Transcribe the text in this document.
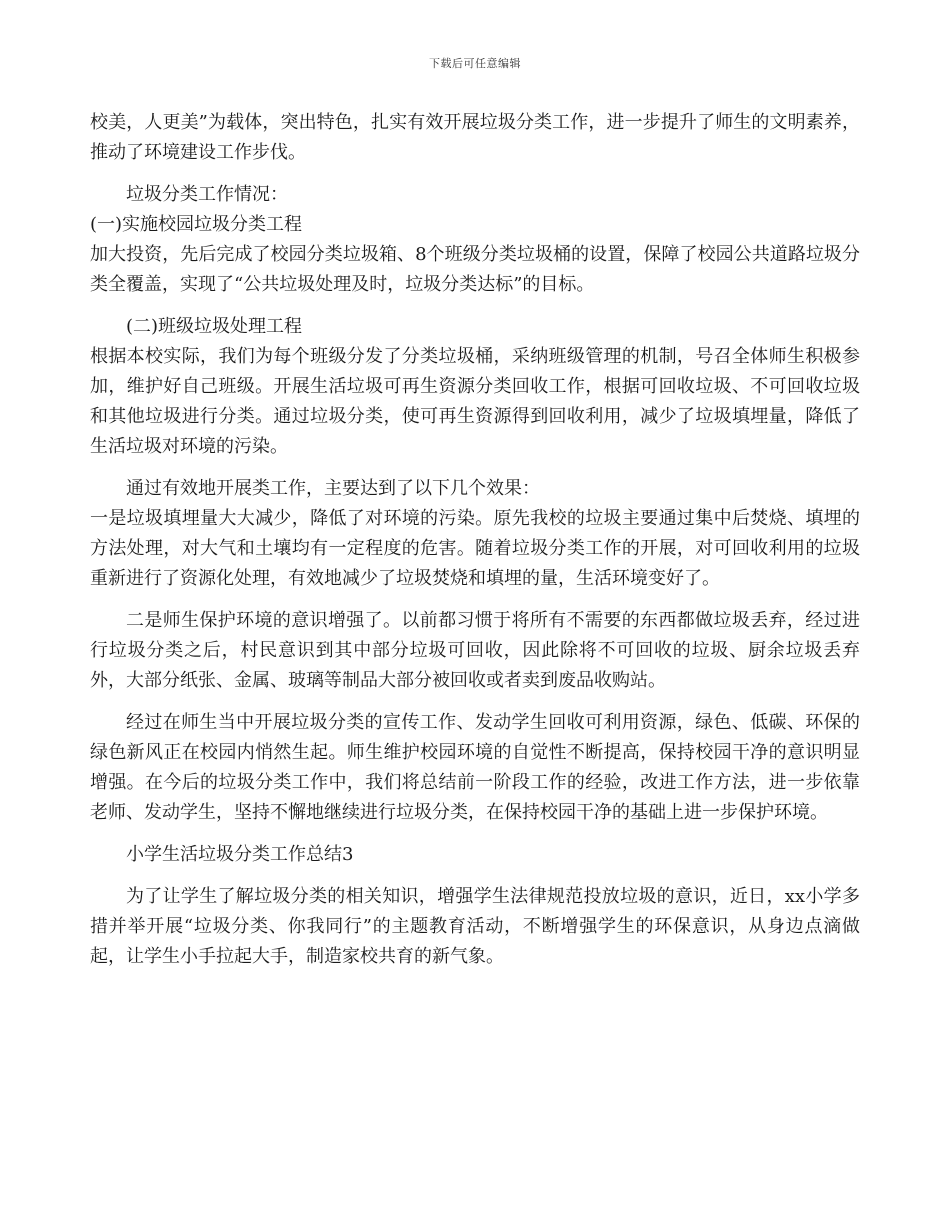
下载后可任意编辑

校美，人更美”为载体，突出特色，扎实有效开展垃圾分类工作，进一步提升了师生的文明素养，推动了环境建设工作步伐。

垃圾分类工作情况：

(一)实施校园垃圾分类工程

加大投资，先后完成了校园分类垃圾箱、8个班级分类垃圾桶的设置，保障了校园公共道路垃圾分类全覆盖，实现了“公共垃圾处理及时，垃圾分类达标”的目标。

(二)班级垃圾处理工程

根据本校实际，我们为每个班级分发了分类垃圾桶，采纳班级管理的机制，号召全体师生积极参加，维护好自己班级。开展生活垃圾可再生资源分类回收工作，根据可回收垃圾、不可回收垃圾和其他垃圾进行分类。通过垃圾分类，使可再生资源得到回收利用，减少了垃圾填埋量，降低了生活垃圾对环境的污染。

通过有效地开展类工作，主要达到了以下几个效果：

一是垃圾填埋量大大减少，降低了对环境的污染。原先我校的垃圾主要通过集中后焚烧、填埋的方法处理，对大气和土壤均有一定程度的危害。随着垃圾分类工作的开展，对可回收利用的垃圾重新进行了资源化处理，有效地减少了垃圾焚烧和填埋的量，生活环境变好了。

二是师生保护环境的意识增强了。以前都习惯于将所有不需要的东西都做垃圾丢弃，经过进行垃圾分类之后，村民意识到其中部分垃圾可回收，因此除将不可回收的垃圾、厨余垃圾丢弃外，大部分纸张、金属、玻璃等制品大部分被回收或者卖到废品收购站。

经过在师生当中开展垃圾分类的宣传工作、发动学生回收可利用资源，绿色、低碳、环保的绿色新风正在校园内悄然生起。师生维护校园环境的自觉性不断提高，保持校园干净的意识明显增强。在今后的垃圾分类工作中，我们将总结前一阶段工作的经验，改进工作方法，进一步依靠老师、发动学生，坚持不懈地继续进行垃圾分类，在保持校园干净的基础上进一步保护环境。

小学生活垃圾分类工作总结3

为了让学生了解垃圾分类的相关知识，增强学生法律规范投放垃圾的意识，近日，xx小学多措并举开展“垃圾分类、你我同行”的主题教育活动，不断增强学生的环保意识，从身边点滴做起，让学生小手拉起大手，制造家校共育的新气象。
